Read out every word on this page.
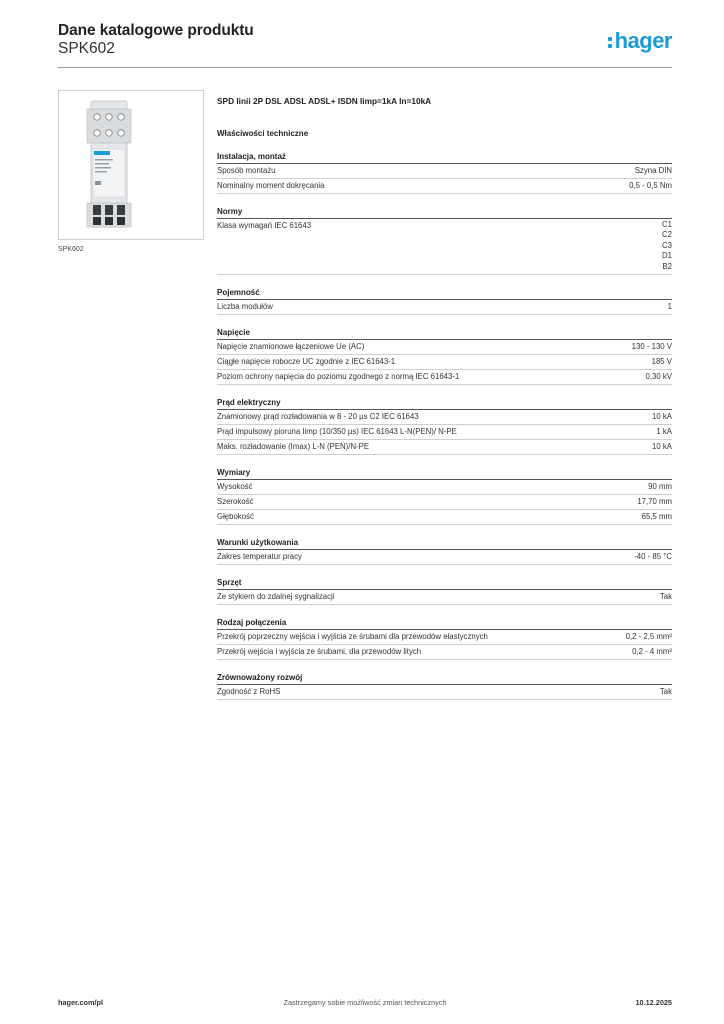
Dane katalogowe produktu
SPK602	hager
SPK602
SPD linii 2P DSL ADSL ADSL+ ISDN Iimp=1kA In=10kA
Właściwości techniczne
Instalacja, montaż
Sposób montażu	Szyna DIN
Nominalny moment dokręcania	0,5 - 0,5 Nm
Normy
Klasa wymagań IEC 61643	C1
C2
C3
D1
B2
Pojemność
Liczba modułów	1
Napięcie
Napięcie znamionowe łączeniowe Ue (AC)	130 - 130 V
Ciągłe napięcie robocze UC zgodnie z IEC 61643-1	185 V
Poziom ochrony napięcia do poziomu zgodnego z normą IEC 61643-1	0,30 kV
Prąd elektryczny
Znamionowy prąd rozładowania w 8 - 20 µs C2 IEC 61643	10 kA
Prąd impulsowy pioruna Iimp (10/350 µs) IEC 61643 L-N(PEN)/ N-PE	1 kA
Maks. rozładowanie (Imax) L-N (PEN)/N-PE	10 kA
Wymiary
Wysokość	90 mm
Szerokość	17,70 mm
Głębokość	65,5 mm
Warunki użytkowania
Zakres temperatur pracy	-40 - 85 °C
Sprzęt
Ze stykiem do zdalnej sygnalizacji	Tak
Rodzaj połączenia
Przekrój poprzeczny wejścia i wyjścia ze śrubami dla przewodów elastycznych	0,2 - 2,5 mm²
Przekrój wejścia i wyjścia ze śrubami, dla przewodów litych	0,2 - 4 mm²
Zrównoważony rozwój
Zgodność z RoHS	Tak
hager.com/pl	Zastrzegamy sobie możliwość zmian technicznych	10.12.2025
